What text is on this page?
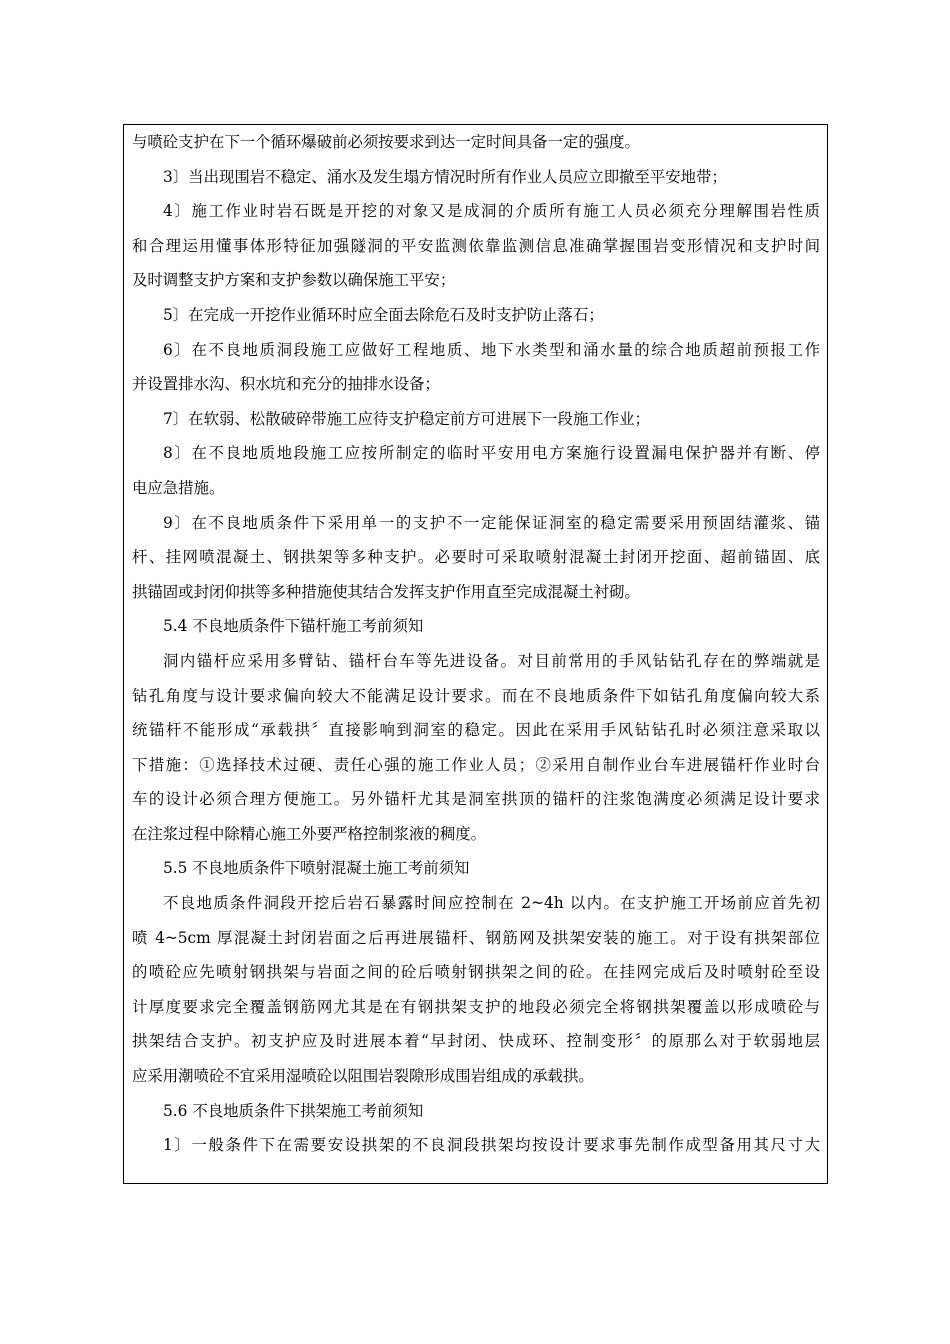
与喷砼支护在下一个循环爆破前必须按要求到达一定时间具备一定的强度。
3〕当出现围岩不稳定、涌水及发生塌方情况时所有作业人员应立即撤至平安地带；
4〕施工作业时岩石既是开挖的对象又是成洞的介质所有施工人员必须充分理解围岩性质
和合理运用懂事体形特征加强隧洞的平安监测依靠监测信息准确掌握围岩变形情况和支护时间
及时调整支护方案和支护参数以确保施工平安；
5〕在完成一开挖作业循环时应全面去除危石及时支护防止落石；
6〕在不良地质洞段施工应做好工程地质、地下水类型和涌水量的综合地质超前预报工作
并设置排水沟、积水坑和充分的抽排水设备；
7〕在软弱、松散破碎带施工应待支护稳定前方可进展下一段施工作业；
8〕在不良地质地段施工应按所制定的临时平安用电方案施行设置漏电保护器并有断、停
电应急措施。
9〕在不良地质条件下采用单一的支护不一定能保证洞室的稳定需要采用预固结灌浆、锚
杆、挂网喷混凝土、钢拱架等多种支护。必要时可采取喷射混凝土封闭开挖面、超前锚固、底
拱锚固或封闭仰拱等多种措施使其结合发挥支护作用直至完成混凝土衬砌。
5.4 不良地质条件下锚杆施工考前须知
洞内锚杆应采用多臂钻、锚杆台车等先进设备。对目前常用的手风钻钻孔存在的弊端就是
钻孔角度与设计要求偏向较大不能满足设计要求。而在不良地质条件下如钻孔角度偏向较大系
统锚杆不能形成“承载拱〞直接影响到洞室的稳定。因此在采用手风钻钻孔时必须注意采取以
下措施：①选择技术过硬、责任心强的施工作业人员；②采用自制作业台车进展锚杆作业时台
车的设计必须合理方便施工。另外锚杆尤其是洞室拱顶的锚杆的注浆饱满度必须满足设计要求
在注浆过程中除精心施工外要严格控制浆液的稠度。
5.5 不良地质条件下喷射混凝土施工考前须知
不良地质条件洞段开挖后岩石暴露时间应控制在 2~4h 以内。在支护施工开场前应首先初
喷 4~5cm 厚混凝土封闭岩面之后再进展锚杆、钢筋网及拱架安装的施工。对于设有拱架部位
的喷砼应先喷射钢拱架与岩面之间的砼后喷射钢拱架之间的砼。在挂网完成后及时喷射砼至设
计厚度要求完全覆盖钢筋网尤其是在有钢拱架支护的地段必须完全将钢拱架覆盖以形成喷砼与
拱架结合支护。初支护应及时进展本着“早封闭、快成环、控制变形〞的原那么对于软弱地层
应采用潮喷砼不宜采用湿喷砼以阻围岩裂隙形成围岩组成的承载拱。
5.6 不良地质条件下拱架施工考前须知
1〕一般条件下在需要安设拱架的不良洞段拱架均按设计要求事先制作成型备用其尺寸大
